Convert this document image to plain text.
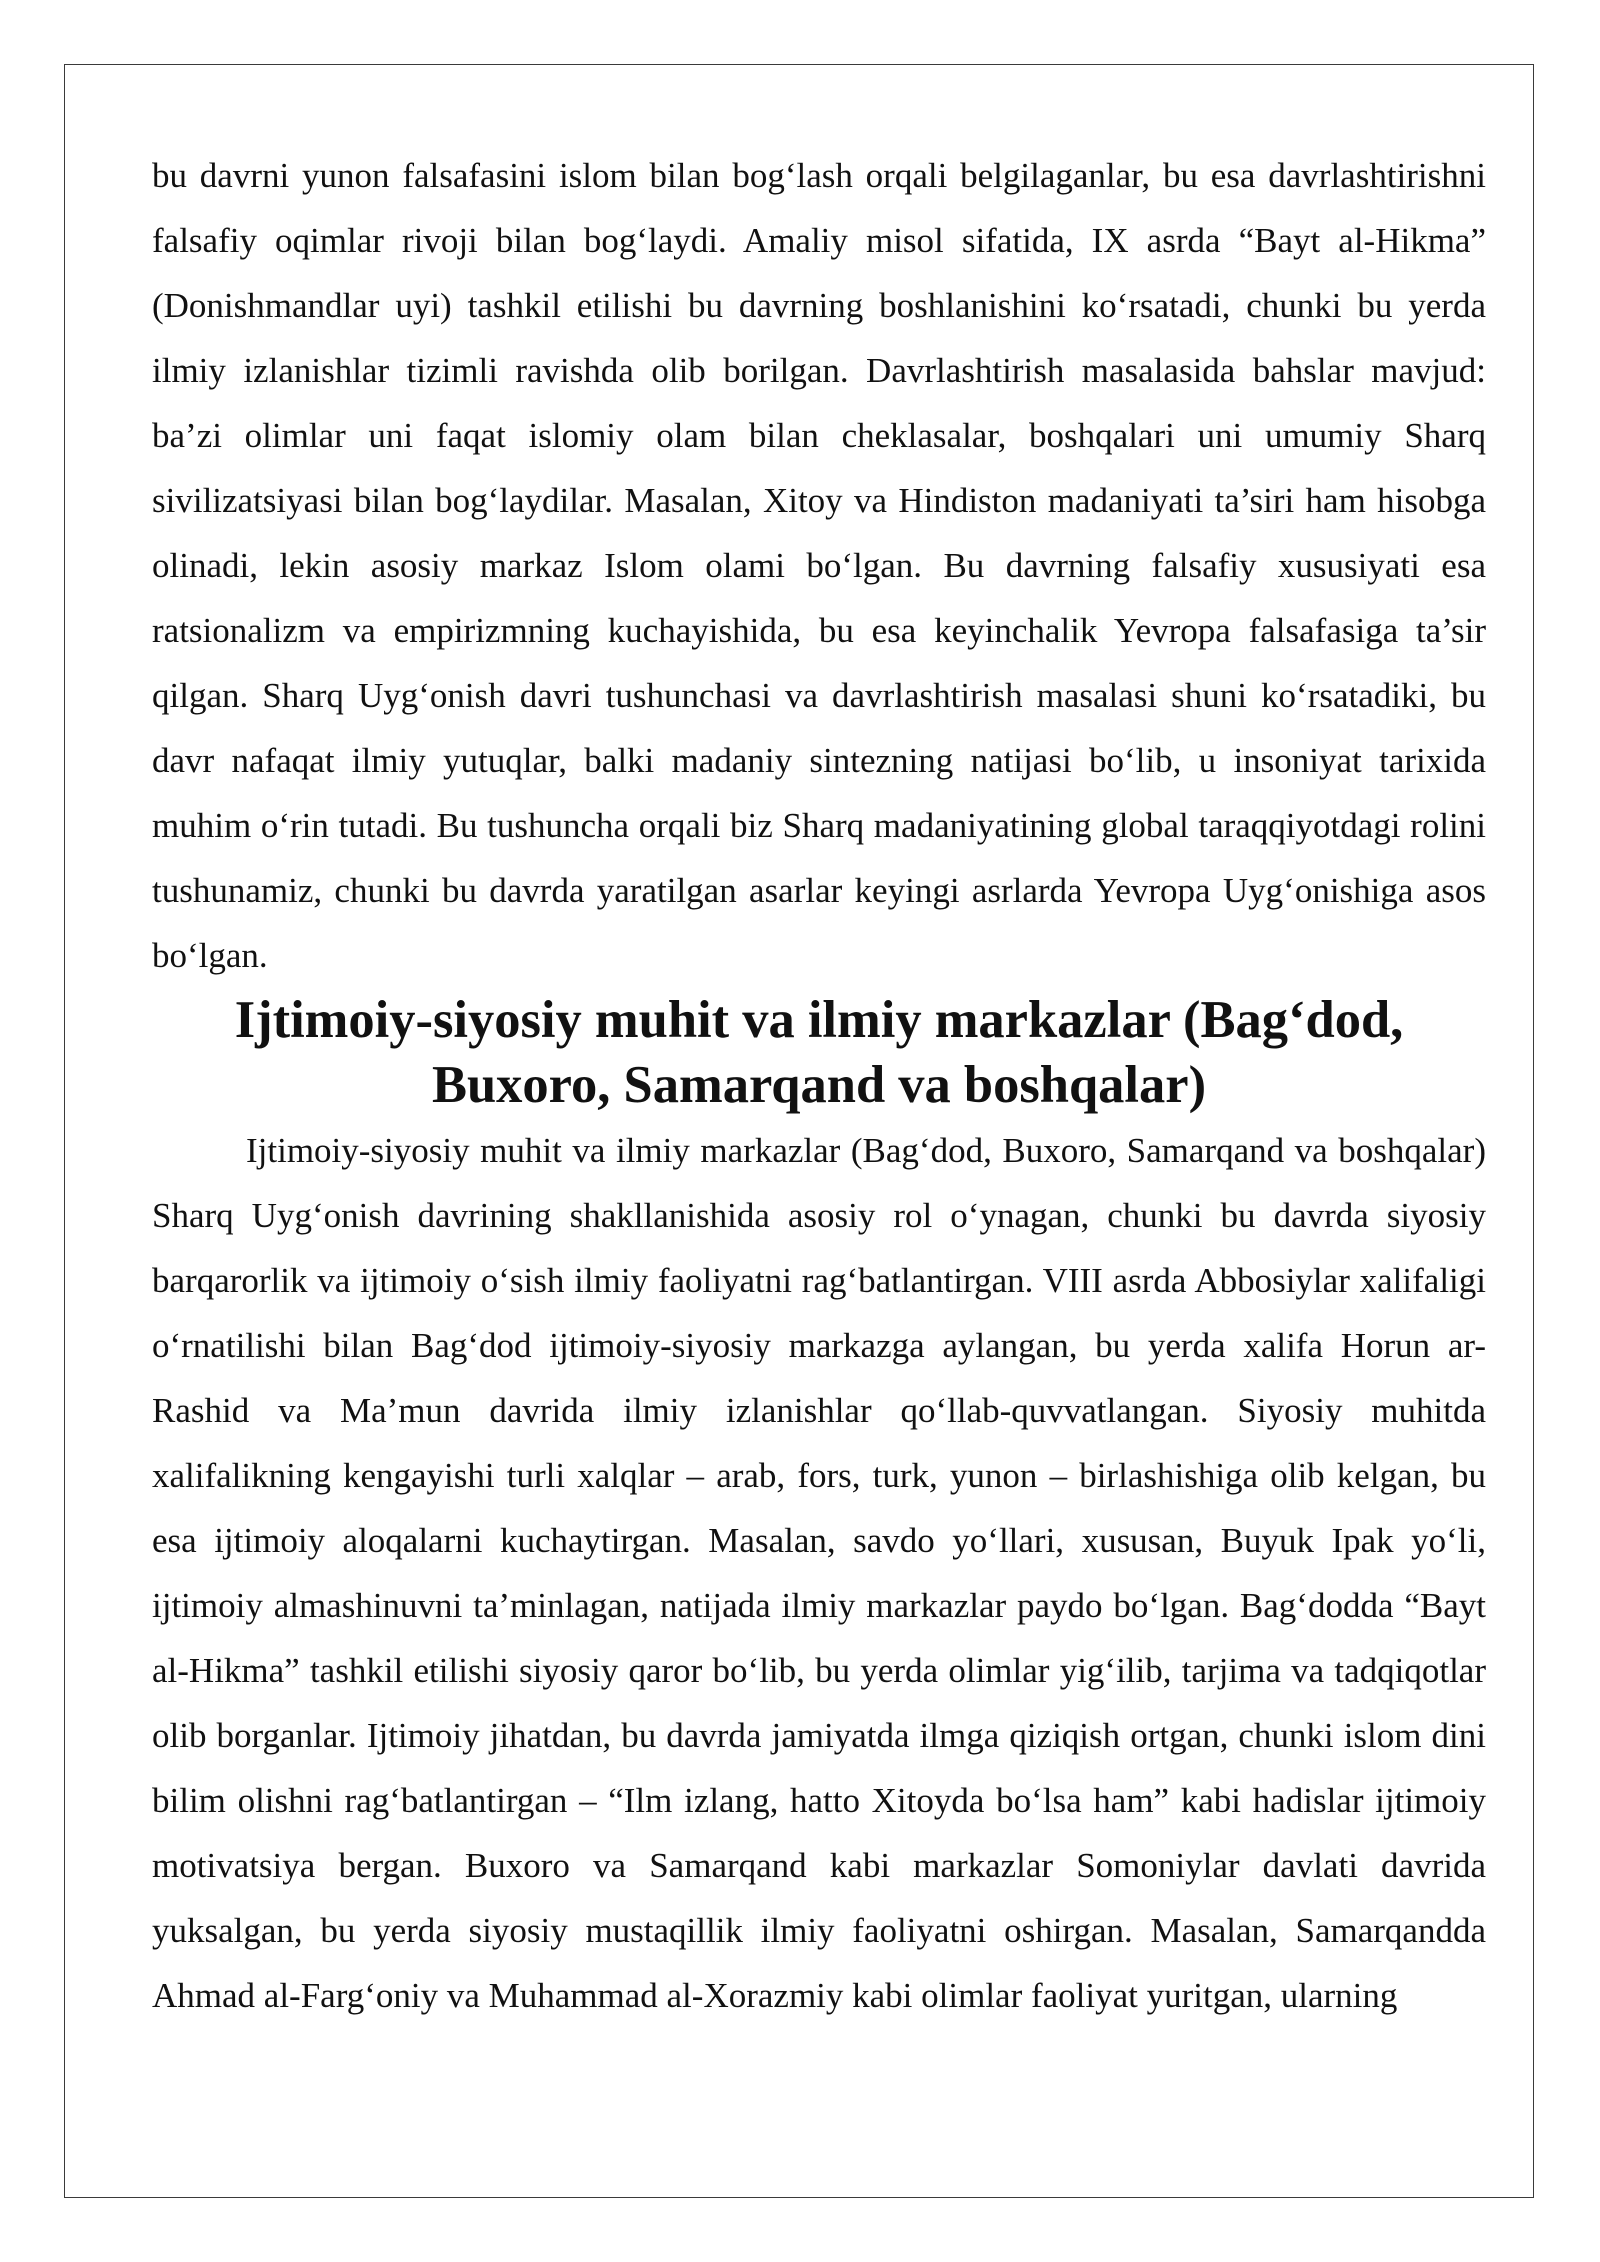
bu davrni yunon falsafasini islom bilan bog‘lash orqali belgilaganlar, bu esa davrlashtirishni falsafiy oqimlar rivoji bilan bog‘laydi. Amaliy misol sifatida, IX asrda “Bayt al-Hikma” (Donishmandlar uyi) tashkil etilishi bu davrning boshlanishini ko‘rsatadi, chunki bu yerda ilmiy izlanishlar tizimli ravishda olib borilgan. Davrlashtirish masalasida bahslar mavjud: ba’zi olimlar uni faqat islomiy olam bilan cheklasalar, boshqalari uni umumiy Sharq sivilizatsiyasi bilan bog‘laydilar. Masalan, Xitoy va Hindiston madaniyati ta’siri ham hisobga olinadi, lekin asosiy markaz Islom olami bo‘lgan. Bu davrning falsafiy xususiyati esa ratsionalizm va empirizmning kuchayishida, bu esa keyinchalik Yevropa falsafasiga ta’sir qilgan. Sharq Uyg‘onish davri tushunchasi va davrlashtirish masalasi shuni ko‘rsatadiki, bu davr nafaqat ilmiy yutuqlar, balki madaniy sintezning natijasi bo‘lib, u insoniyat tarixida muhim o‘rin tutadi. Bu tushuncha orqali biz Sharq madaniyatining global taraqqiyotdagi rolini tushunamiz, chunki bu davrda yaratilgan asarlar keyingi asrlarda Yevropa Uyg‘onishiga asos bo‘lgan.

Ijtimoiy-siyosiy muhit va ilmiy markazlar (Bag‘dod, Buxoro, Samarqand va boshqalar)

Ijtimoiy-siyosiy muhit va ilmiy markazlar (Bag‘dod, Buxoro, Samarqand va boshqalar) Sharq Uyg‘onish davrining shakllanishida asosiy rol o‘ynagan, chunki bu davrda siyosiy barqarorlik va ijtimoiy o‘sish ilmiy faoliyatni rag‘batlantirgan. VIII asrda Abbosiylar xalifaligi o‘rnatilishi bilan Bag‘dod ijtimoiy-siyosiy markazga aylangan, bu yerda xalifa Horun ar-Rashid va Ma’mun davrida ilmiy izlanishlar qo‘llab-quvvatlangan. Siyosiy muhitda xalifalikning kengayishi turli xalqlar – arab, fors, turk, yunon – birlashishiga olib kelgan, bu esa ijtimoiy aloqalarni kuchaytirgan. Masalan, savdo yo‘llari, xususan, Buyuk Ipak yo‘li, ijtimoiy almashinuvni ta’minlagan, natijada ilmiy markazlar paydo bo‘lgan. Bag‘dodda “Bayt al-Hikma” tashkil etilishi siyosiy qaror bo‘lib, bu yerda olimlar yig‘ilib, tarjima va tadqiqotlar olib borganlar. Ijtimoiy jihatdan, bu davrda jamiyatda ilmga qiziqish ortgan, chunki islom dini bilim olishni rag‘batlantirgan – “Ilm izlang, hatto Xitoyda bo‘lsa ham” kabi hadislar ijtimoiy motivatsiya bergan. Buxoro va Samarqand kabi markazlar Somoniylar davlati davrida yuksalgan, bu yerda siyosiy mustaqillik ilmiy faoliyatni oshirgan. Masalan, Samarqandda Ahmad al-Farg‘oniy va Muhammad al-Xorazmiy kabi olimlar faoliyat yuritgan, ularning
